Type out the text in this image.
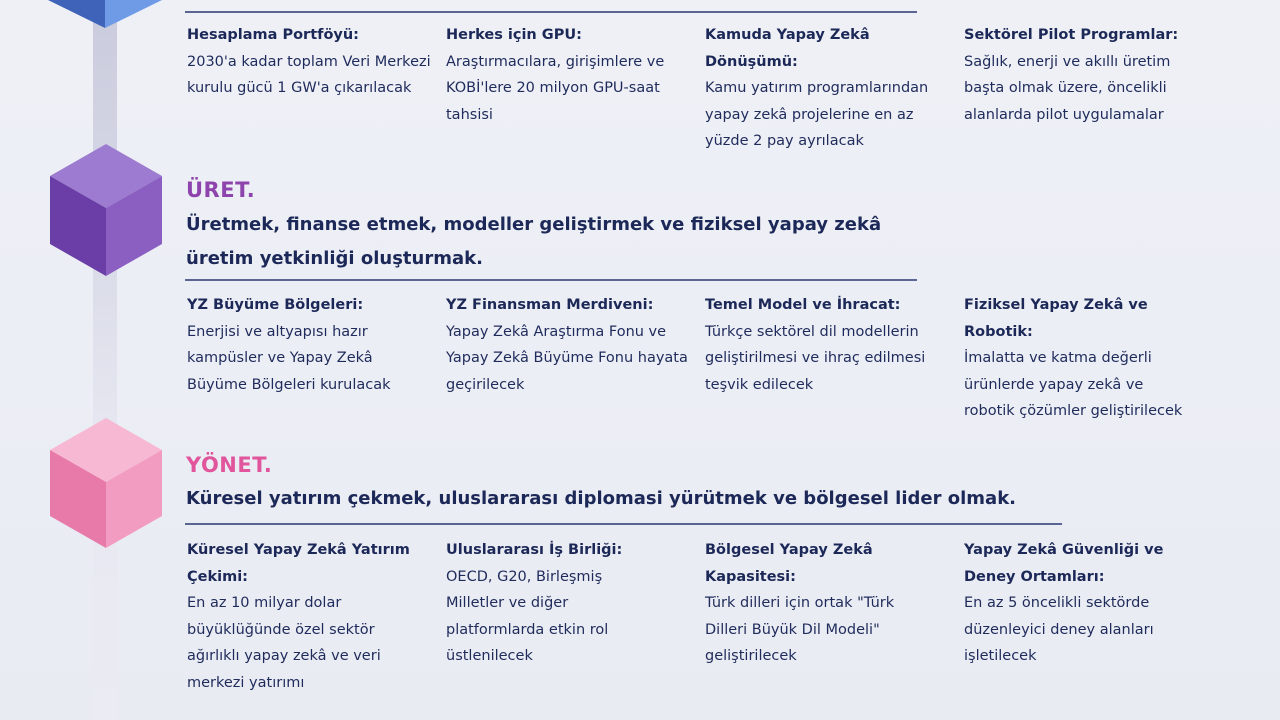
Hesaplama Portföyü:
2030'a kadar toplam Veri Merkezi kurulu gücü 1 GW'a çıkarılacak
Herkes için GPU:
Araştırmacılara, girişimlere ve KOBİ'lere 20 milyon GPU-saat tahsisi
Kamuda Yapay Zekâ Dönüşümü:
Kamu yatırım programlarından yapay zekâ projelerine en az yüzde 2 pay ayrılacak
Sektörel Pilot Programlar:
Sağlık, enerji ve akıllı üretim başta olmak üzere, öncelikli alanlarda pilot uygulamalar
ÜRET.
Üretmek, finanse etmek, modeller geliştirmek ve fiziksel yapay zekâ üretim yetkinliği oluşturmak.
YZ Büyüme Bölgeleri:
Enerjisi ve altyapısı hazır kampüsler ve Yapay Zekâ Büyüme Bölgeleri kurulacak
YZ Finansman Merdiveni:
Yapay Zekâ Araştırma Fonu ve Yapay Zekâ Büyüme Fonu hayata geçirilecek
Temel Model ve İhracat:
Türkçe sektörel dil modellerin geliştirilmesi ve ihraç edilmesi teşvik edilecek
Fiziksel Yapay Zekâ ve Robotik:
İmalatta ve katma değerli ürünlerde yapay zekâ ve robotik çözümler geliştirilecek
YÖNET.
Küresel yatırım çekmek, uluslararası diplomasi yürütmek ve bölgesel lider olmak.
Küresel Yapay Zekâ Yatırım Çekimi:
En az 10 milyar dolar büyüklüğünde özel sektör ağırlıklı yapay zekâ ve veri merkezi yatırımı
Uluslararası İş Birliği:
OECD, G20, Birleşmiş Milletler ve diğer platformlarda etkin rol üstlenilecek
Bölgesel Yapay Zekâ Kapasitesi:
Türk dilleri için ortak "Türk Dilleri Büyük Dil Modeli" geliştirilecek
Yapay Zekâ Güvenliği ve Deney Ortamları:
En az 5 öncelikli sektörde düzenleyici deney alanları işletilecek
